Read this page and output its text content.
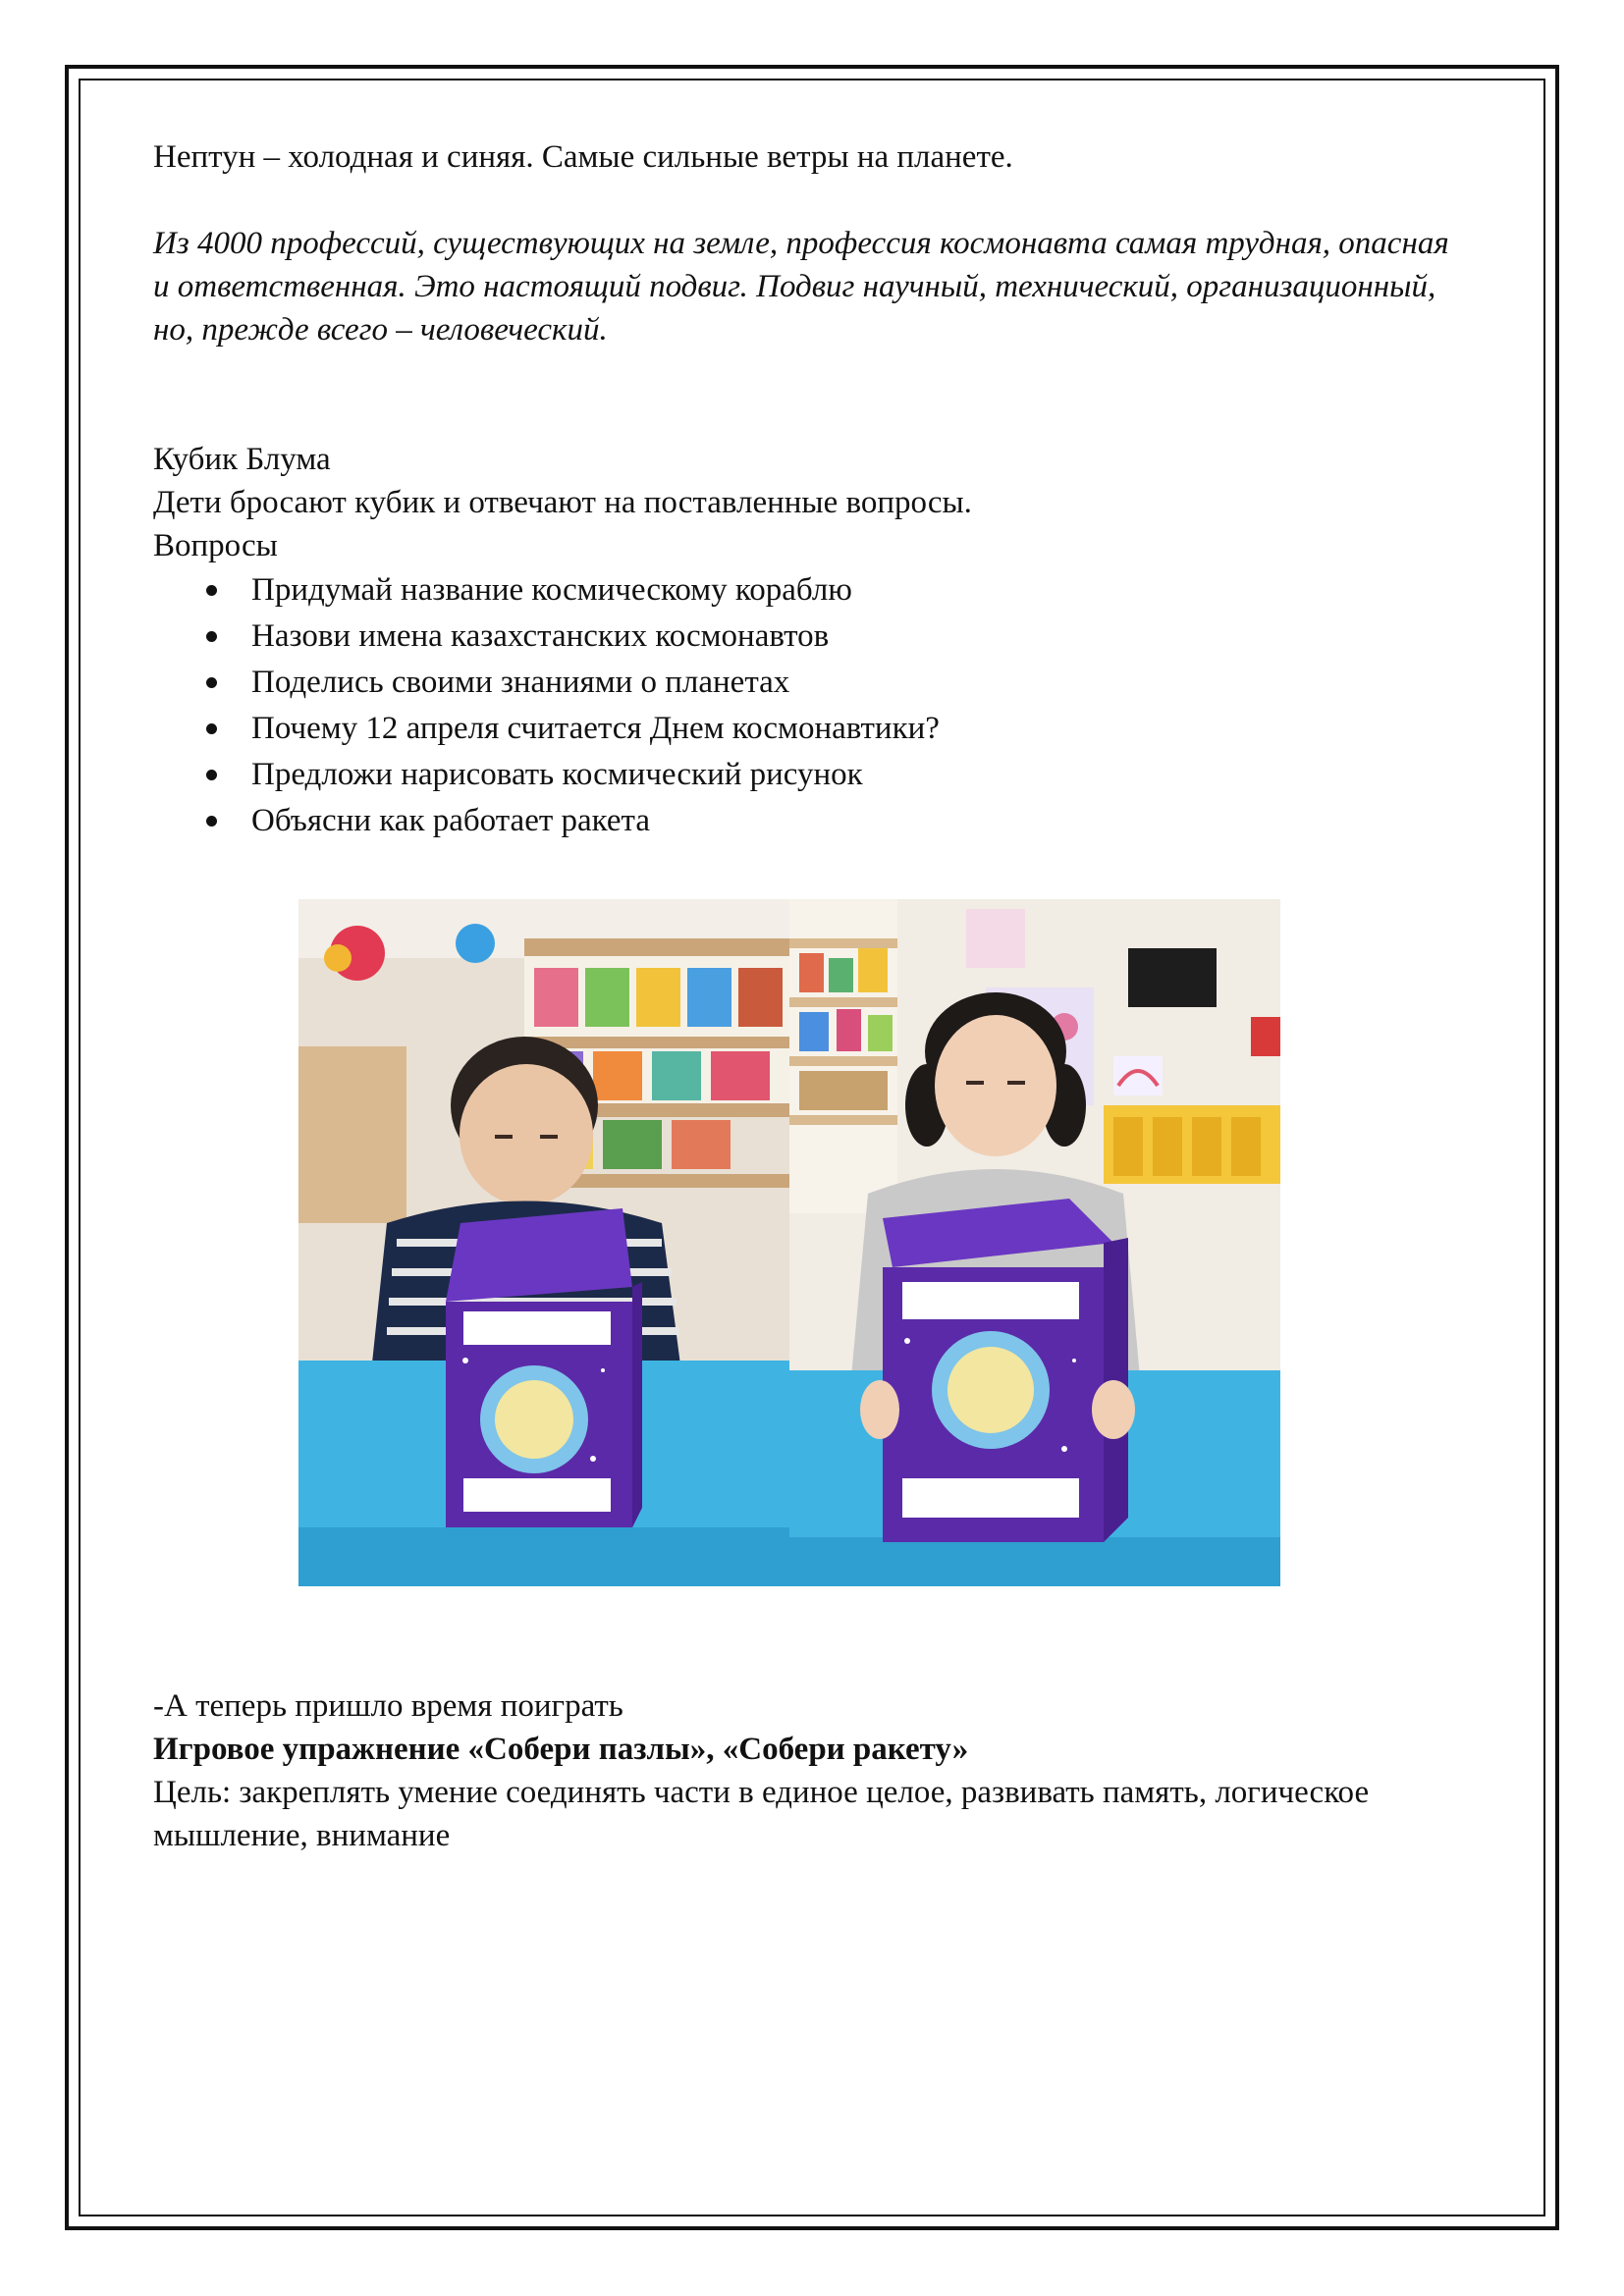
Нептун – холодная и синяя. Самые сильные ветры на планете.

Из 4000 профессий, существующих на земле, профессия космонавта самая трудная, опасная и ответственная. Это настоящий подвиг. Подвиг научный, технический, организационный, но, прежде всего – человеческий.

Кубик Блума

Дети бросают кубик и отвечают на поставленные вопросы.

Вопросы

Придумай название космическому кораблю
Назови имена казахстанских космонавтов
Поделись своими знаниями о планетах
Почему 12 апреля считается Днем космонавтики?
Предложи нарисовать космический рисунок
Объясни как работает ракета

-А теперь пришло время поиграть

Игровое упражнение «Собери пазлы», «Собери ракету»

Цель: закреплять умение соединять части в единое целое, развивать память, логическое мышление, внимание
